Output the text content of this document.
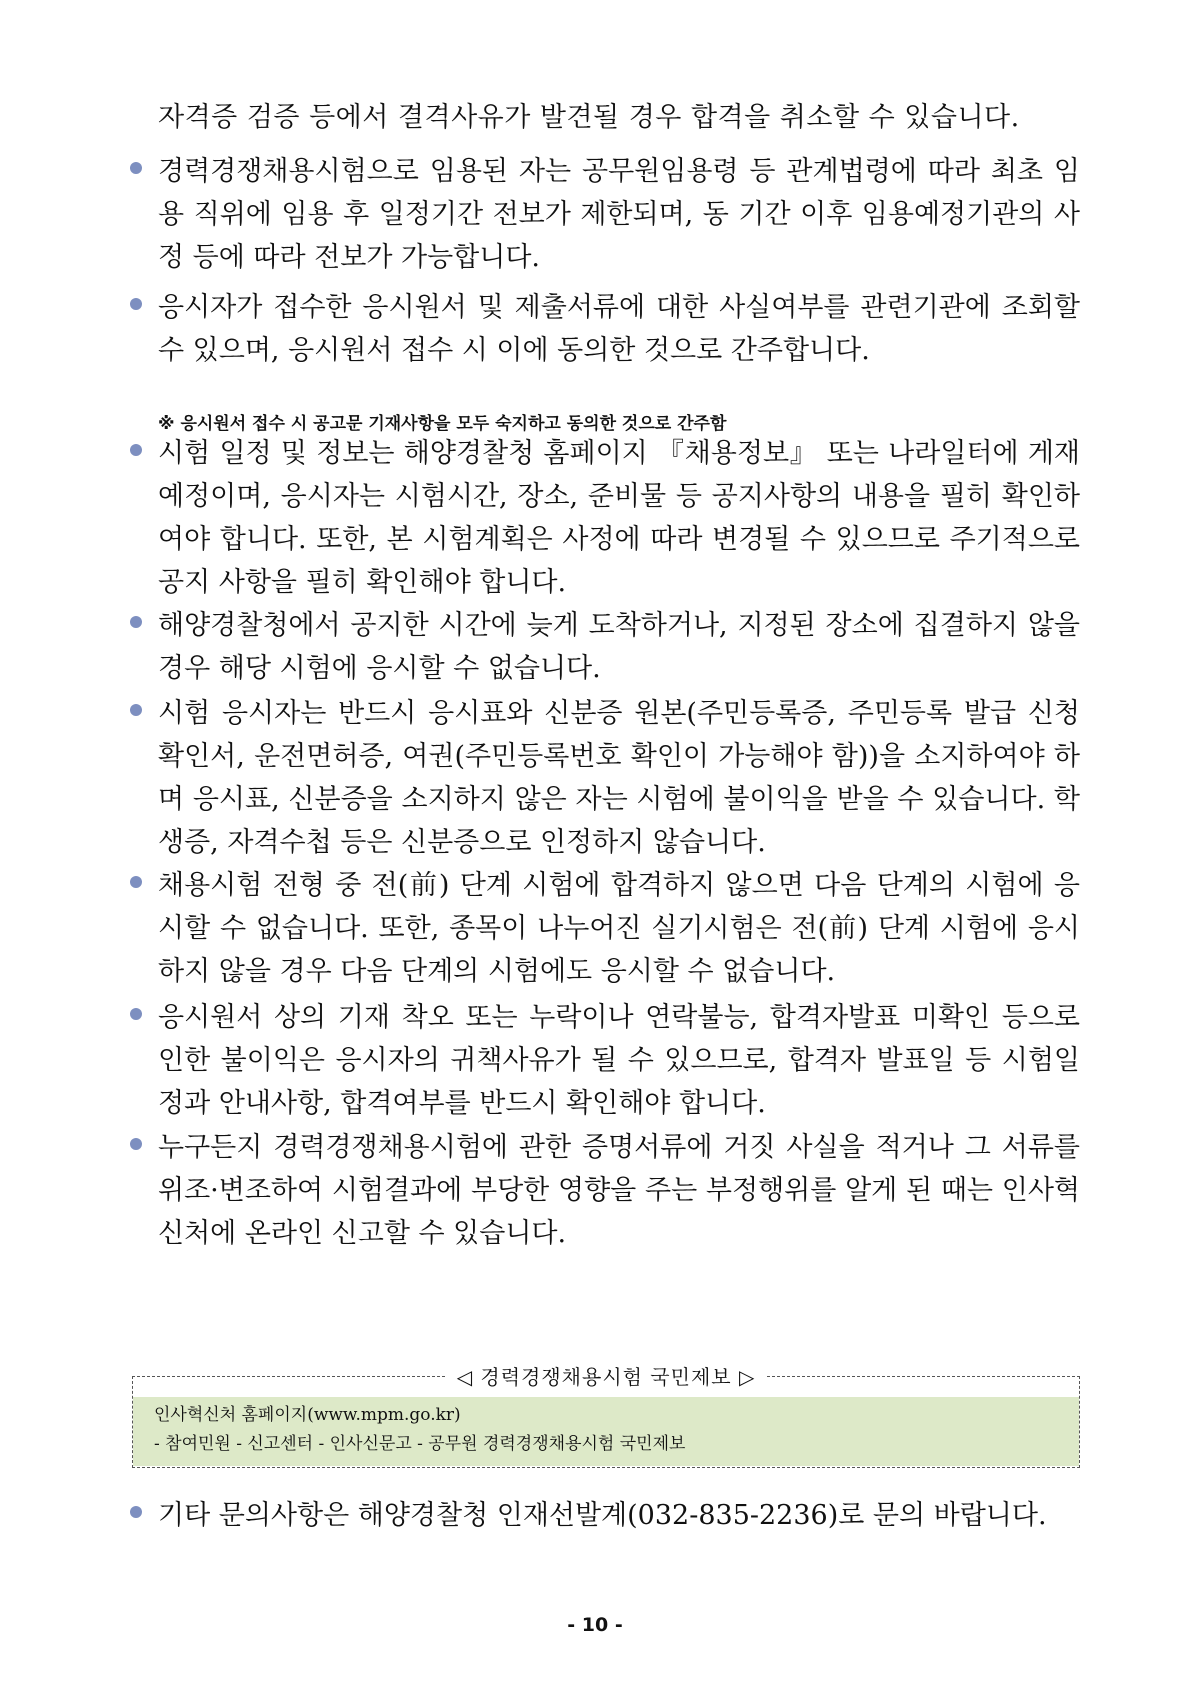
자격증 검증 등에서 결격사유가 발견될 경우 합격을 취소할 수 있습니다.
경력경쟁채용시험으로 임용된 자는 공무원임용령 등 관계법령에 따라 최초 임용 직위에 임용 후 일정기간 전보가 제한되며, 동 기간 이후 임용예정기관의 사정 등에 따라 전보가 가능합니다.
응시자가 접수한 응시원서 및 제출서류에 대한 사실여부를 관련기관에 조회할 수 있으며, 응시원서 접수 시 이에 동의한 것으로 간주합니다.
※ 응시원서 접수 시 공고문 기재사항을 모두 숙지하고 동의한 것으로 간주함
시험 일정 및 정보는 해양경찰청 홈페이지 『채용정보』 또는 나라일터에 게재 예정이며, 응시자는 시험시간, 장소, 준비물 등 공지사항의 내용을 필히 확인하여야 합니다. 또한, 본 시험계획은 사정에 따라 변경될 수 있으므로 주기적으로 공지 사항을 필히 확인해야 합니다.
해양경찰청에서 공지한 시간에 늦게 도착하거나, 지정된 장소에 집결하지 않을 경우 해당 시험에 응시할 수 없습니다.
시험 응시자는 반드시 응시표와 신분증 원본(주민등록증, 주민등록 발급 신청 확인서, 운전면허증, 여권(주민등록번호 확인이 가능해야 함))을 소지하여야 하며 응시표, 신분증을 소지하지 않은 자는 시험에 불이익을 받을 수 있습니다. 학생증, 자격수첩 등은 신분증으로 인정하지 않습니다.
채용시험 전형 중 전(前) 단계 시험에 합격하지 않으면 다음 단계의 시험에 응시할 수 없습니다. 또한, 종목이 나누어진 실기시험은 전(前) 단계 시험에 응시하지 않을 경우 다음 단계의 시험에도 응시할 수 없습니다.
응시원서 상의 기재 착오 또는 누락이나 연락불능, 합격자발표 미확인 등으로 인한 불이익은 응시자의 귀책사유가 될 수 있으므로, 합격자 발표일 등 시험일정과 안내사항, 합격여부를 반드시 확인해야 합니다.
누구든지 경력경쟁채용시험에 관한 증명서류에 거짓 사실을 적거나 그 서류를 위조·변조하여 시험결과에 부당한 영향을 주는 부정행위를 알게 된 때는 인사혁신처에 온라인 신고할 수 있습니다.
◁ 경력경쟁채용시험 국민제보 ▷
인사혁신처 홈페이지(www.mpm.go.kr)
- 참여민원 - 신고센터 - 인사신문고 - 공무원 경력경쟁채용시험 국민제보
기타 문의사항은 해양경찰청 인재선발계(032-835-2236)로 문의 바랍니다.
- 10 -
